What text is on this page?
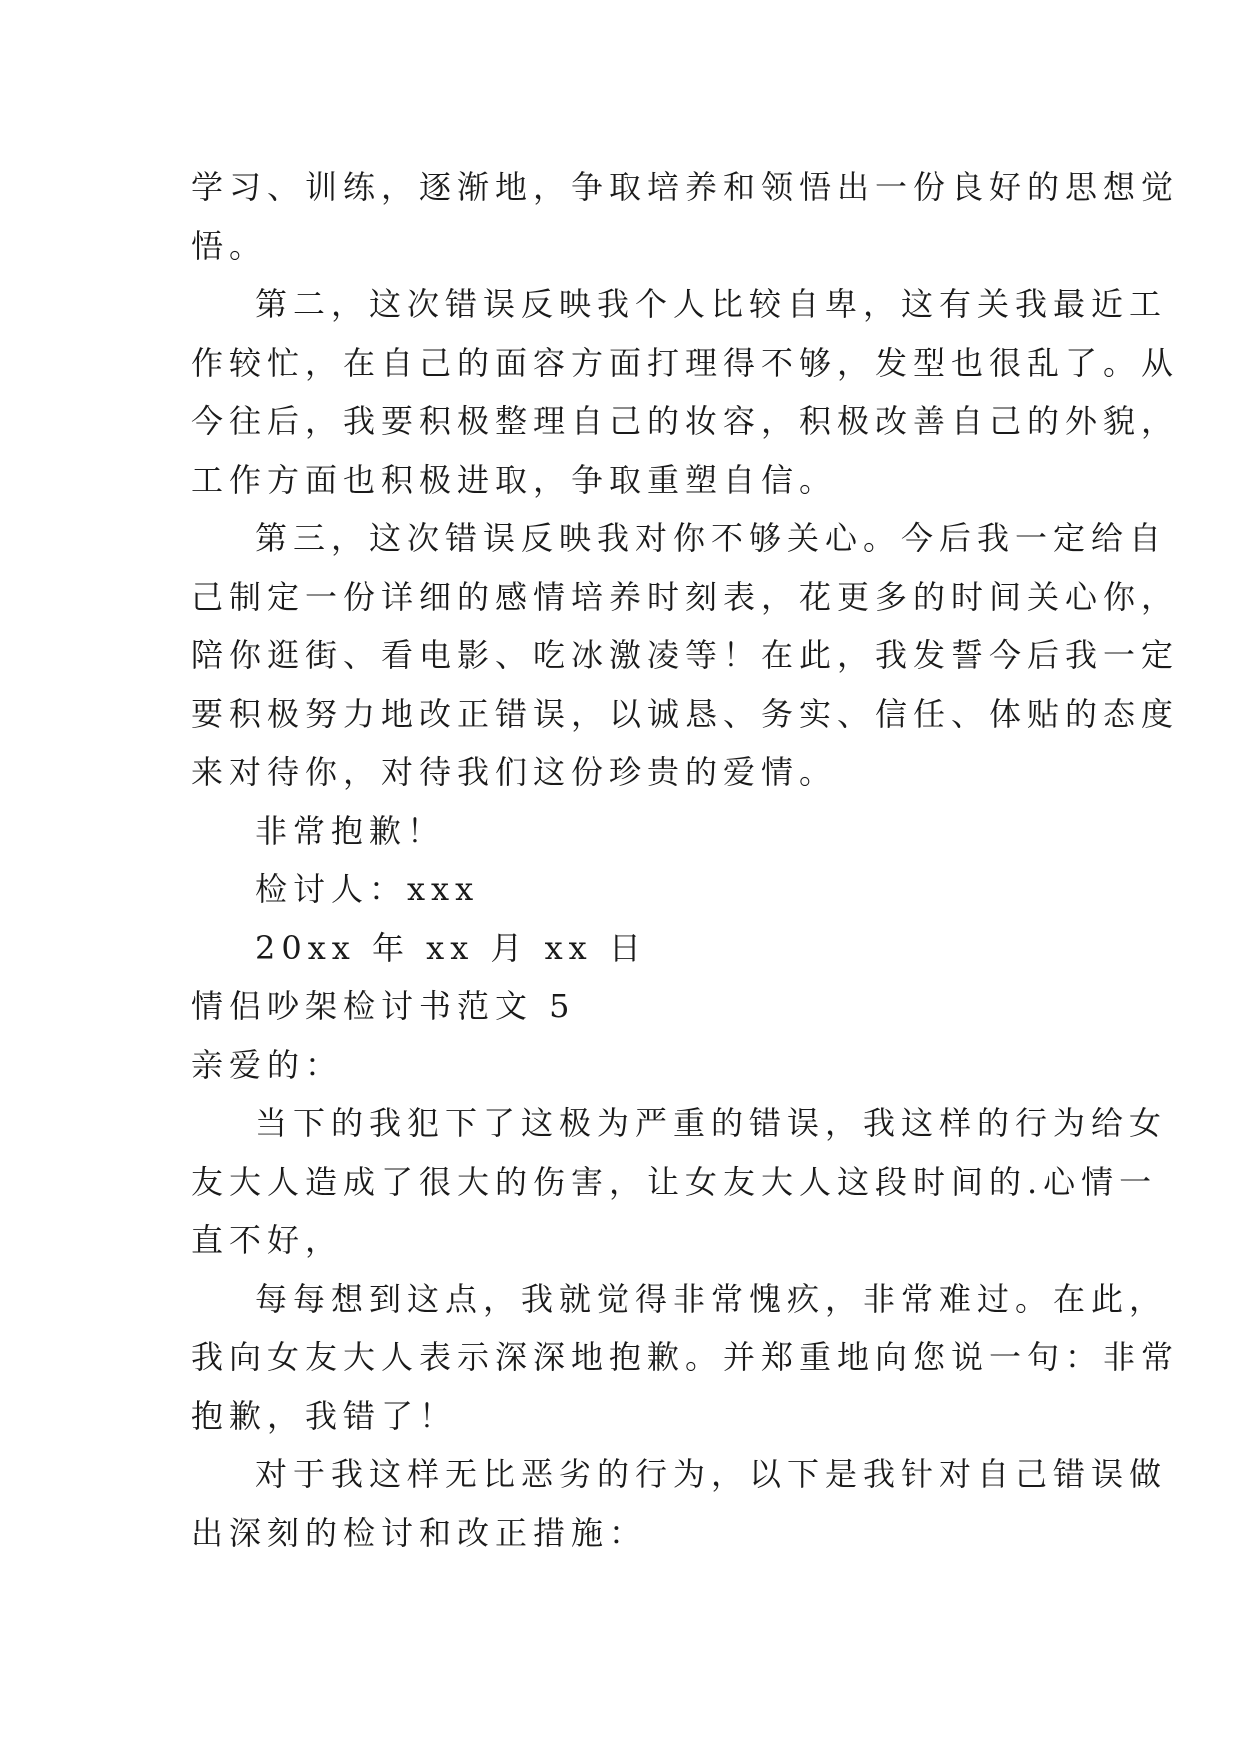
学习、训练，逐渐地，争取培养和领悟出一份良好的思想觉
悟。
第二，这次错误反映我个人比较自卑，这有关我最近工
作较忙，在自己的面容方面打理得不够，发型也很乱了。从
今往后，我要积极整理自己的妆容，积极改善自己的外貌，
工作方面也积极进取，争取重塑自信。
第三，这次错误反映我对你不够关心。今后我一定给自
己制定一份详细的感情培养时刻表，花更多的时间关心你，
陪你逛街、看电影、吃冰激凌等！在此，我发誓今后我一定
要积极努力地改正错误，以诚恳、务实、信任、体贴的态度
来对待你，对待我们这份珍贵的爱情。
非常抱歉！
检讨人：xxx
20xx 年 xx 月 xx 日
情侣吵架检讨书范文 5
亲爱的：
当下的我犯下了这极为严重的错误，我这样的行为给女
友大人造成了很大的伤害，让女友大人这段时间的.心情一
直不好，
每每想到这点，我就觉得非常愧疚，非常难过。在此，
我向女友大人表示深深地抱歉。并郑重地向您说一句：非常
抱歉，我错了！
对于我这样无比恶劣的行为，以下是我针对自己错误做
出深刻的检讨和改正措施：
